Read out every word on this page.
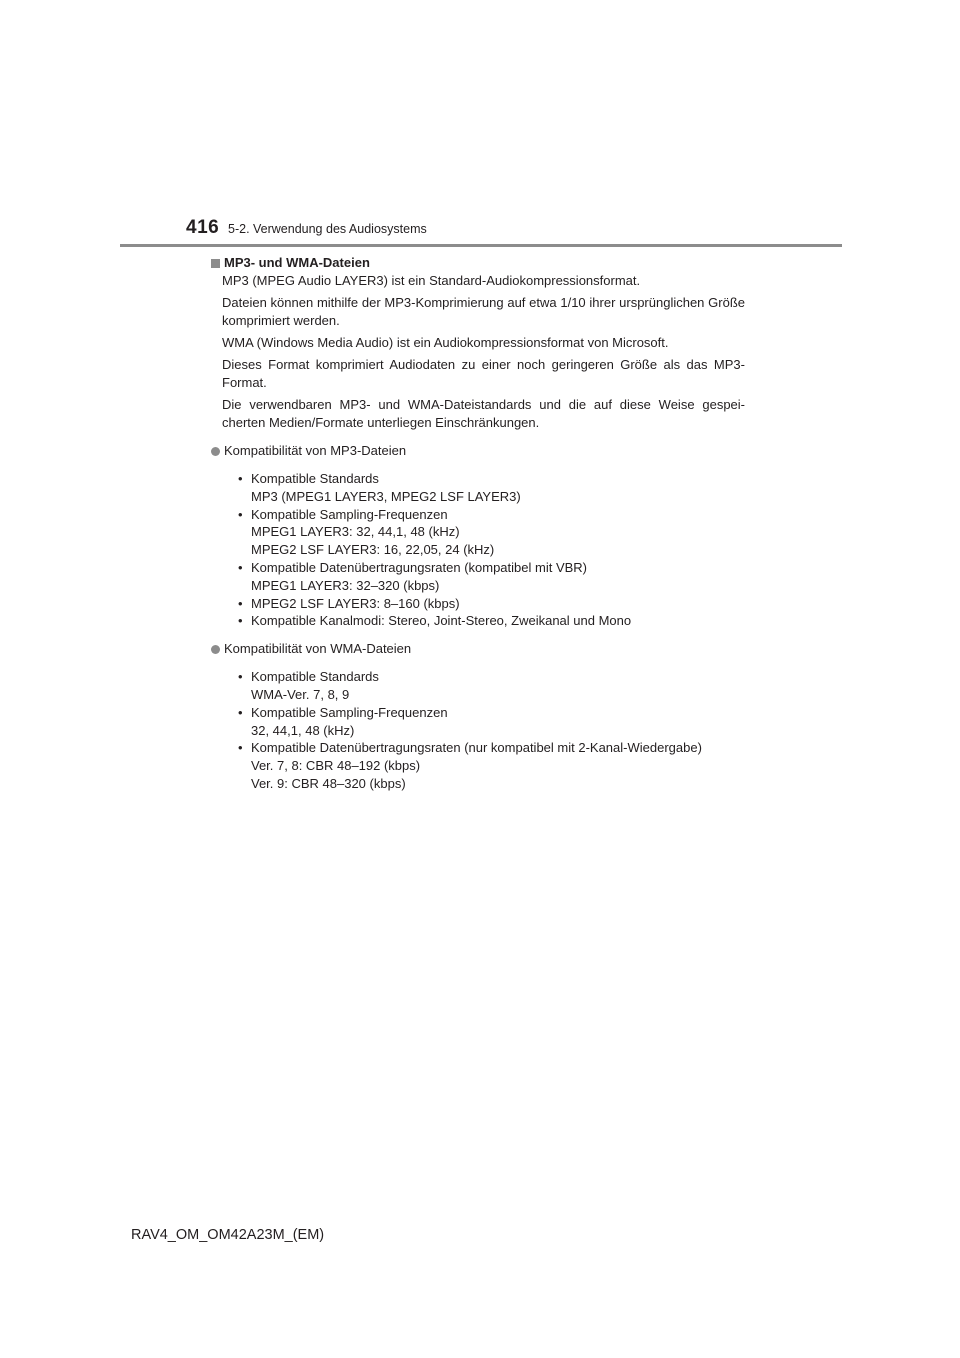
416 5-2. Verwendung des Audiosystems
MP3- und WMA-Dateien
MP3 (MPEG Audio LAYER3) ist ein Standard-Audiokompressionsformat.
Dateien können mithilfe der MP3-Komprimierung auf etwa 1/10 ihrer ursprünglichen Größe komprimiert werden.
WMA (Windows Media Audio) ist ein Audiokompressionsformat von Microsoft.
Dieses Format komprimiert Audiodaten zu einer noch geringeren Größe als das MP3-Format.
Die verwendbaren MP3- und WMA-Dateistandards und die auf diese Weise gespei-cherten Medien/Formate unterliegen Einschränkungen.
Kompatibilität von MP3-Dateien
• Kompatible Standards
MP3 (MPEG1 LAYER3, MPEG2 LSF LAYER3)
• Kompatible Sampling-Frequenzen
MPEG1 LAYER3: 32, 44,1, 48 (kHz)
MPEG2 LSF LAYER3: 16, 22,05, 24 (kHz)
• Kompatible Datenübertragungsraten (kompatibel mit VBR)
MPEG1 LAYER3: 32–320 (kbps)
• MPEG2 LSF LAYER3: 8–160 (kbps)
• Kompatible Kanalmodi: Stereo, Joint-Stereo, Zweikanal und Mono
Kompatibilität von WMA-Dateien
• Kompatible Standards
WMA-Ver. 7, 8, 9
• Kompatible Sampling-Frequenzen
32, 44,1, 48 (kHz)
• Kompatible Datenübertragungsraten (nur kompatibel mit 2-Kanal-Wiedergabe)
Ver. 7, 8: CBR 48–192 (kbps)
Ver. 9: CBR 48–320 (kbps)
RAV4_OM_OM42A23M_(EM)
